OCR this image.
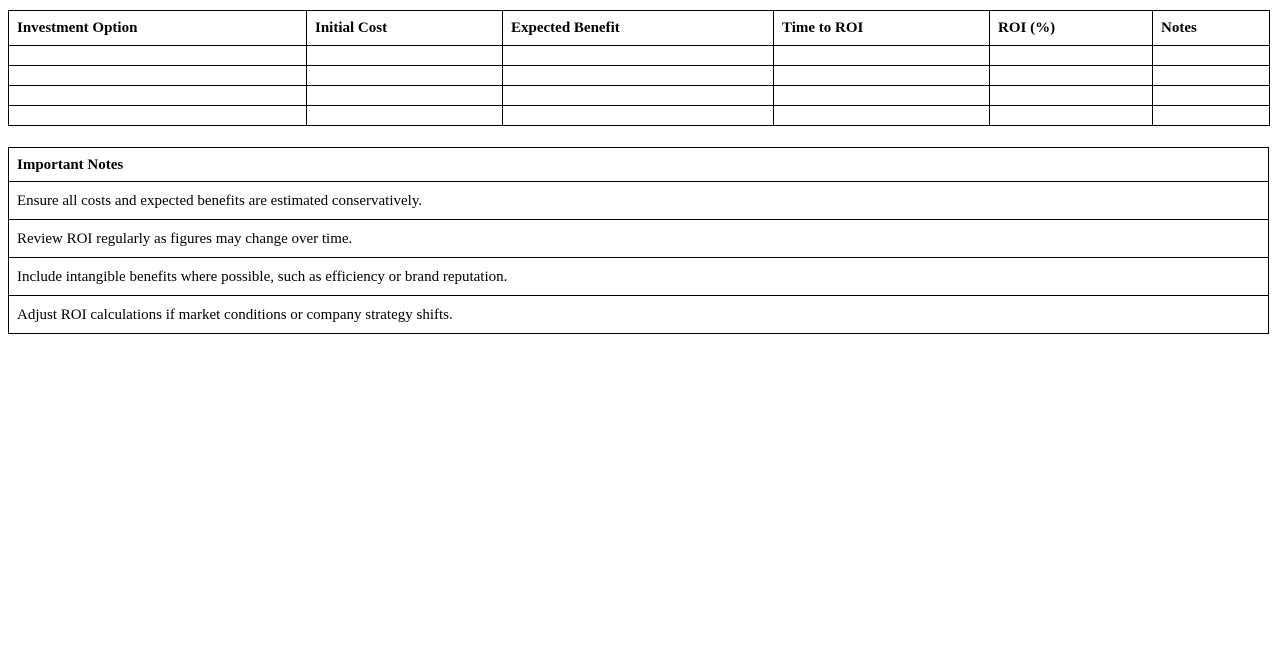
Investment Option	Initial Cost	Expected Benefit	Time to ROI	ROI (%)	Notes

Important Notes
Ensure all costs and expected benefits are estimated conservatively.
Review ROI regularly as figures may change over time.
Include intangible benefits where possible, such as efficiency or brand reputation.
Adjust ROI calculations if market conditions or company strategy shifts.
